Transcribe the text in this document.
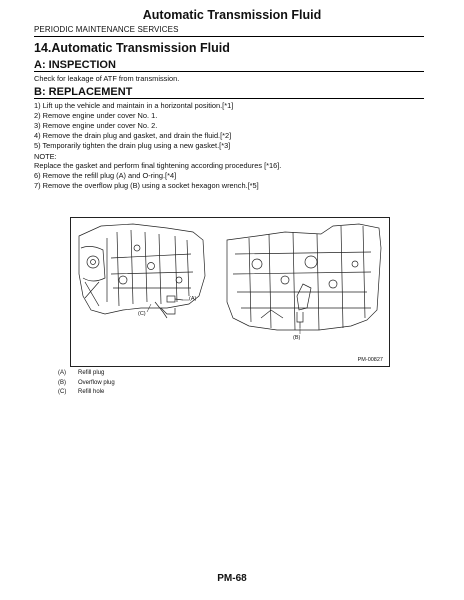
Automatic Transmission Fluid
PERIODIC MAINTENANCE SERVICES
14.Automatic Transmission Fluid
A: INSPECTION
Check for leakage of ATF from transmission.
B: REPLACEMENT
1) Lift up the vehicle and maintain in a horizontal position.[*1]
2) Remove engine under cover No. 1.
3) Remove engine under cover No. 2.
4) Remove the drain plug and gasket, and drain the fluid.[*2]
5) Temporarily tighten the drain plug using a new gasket.[*3]
NOTE:
Replace the gasket and perform final tightening according procedures [*16].
6) Remove the refill plug (A) and O-ring.[*4]
7) Remove the overflow plug (B) using a socket hexagon wrench.[*5]
(A)
(C)
(B)
PM-00827
(A) Refill plug
(B) Overflow plug
(C) Refill hole
PM-68
